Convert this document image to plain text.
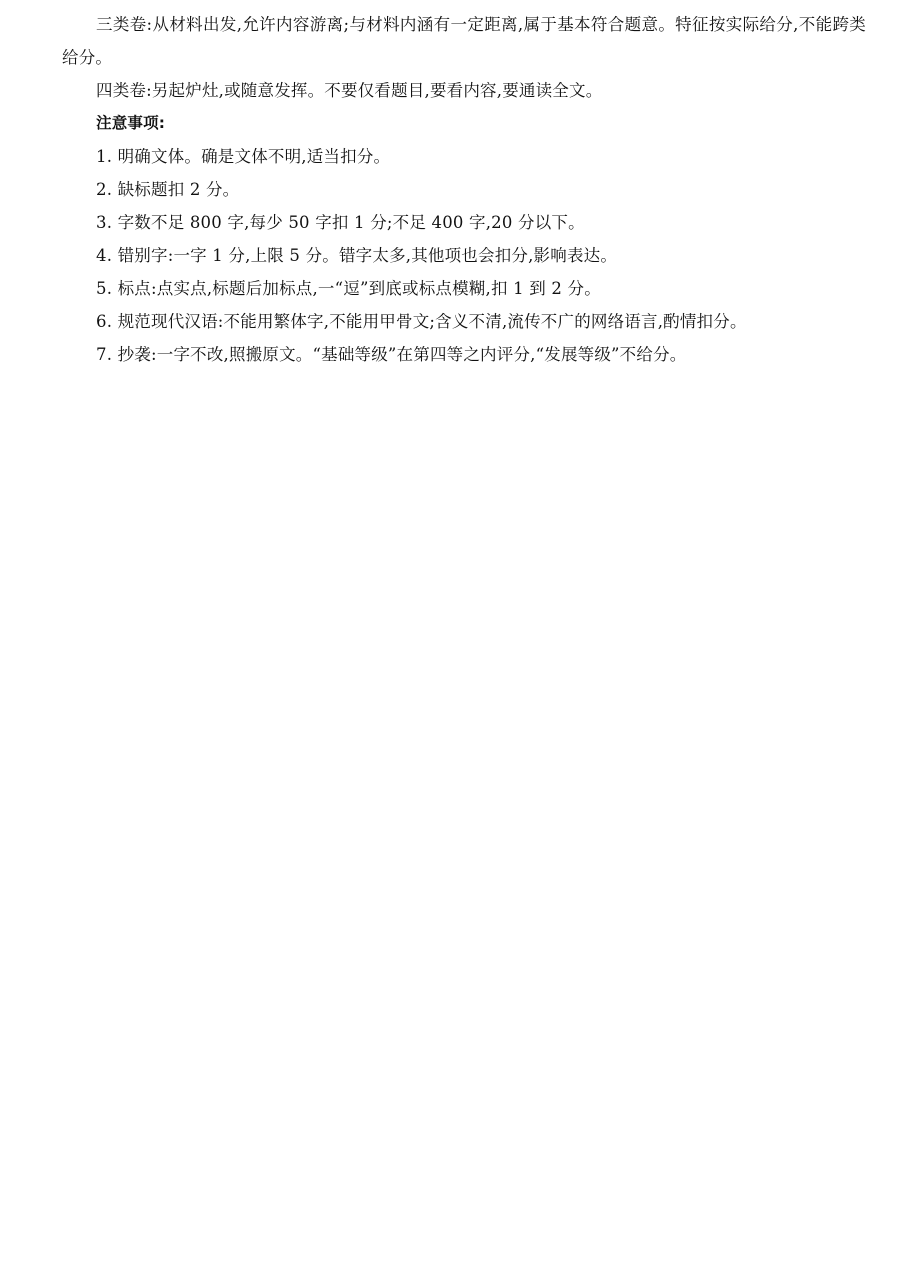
三类卷:从材料出发,允许内容游离;与材料内涵有一定距离,属于基本符合题意。特征按实际给分,不能跨类给分。

四类卷:另起炉灶,或随意发挥。不要仅看题目,要看内容,要通读全文。

注意事项:

1. 明确文体。确是文体不明,适当扣分。

2. 缺标题扣 2 分。

3. 字数不足 800 字,每少 50 字扣 1 分;不足 400 字,20 分以下。

4. 错别字:一字 1 分,上限 5 分。错字太多,其他项也会扣分,影响表达。

5. 标点:点实点,标题后加标点,一“逗”到底或标点模糊,扣 1 到 2 分。

6. 规范现代汉语:不能用繁体字,不能用甲骨文;含义不清,流传不广的网络语言,酌情扣分。

7. 抄袭:一字不改,照搬原文。“基础等级”在第四等之内评分,“发展等级”不给分。
